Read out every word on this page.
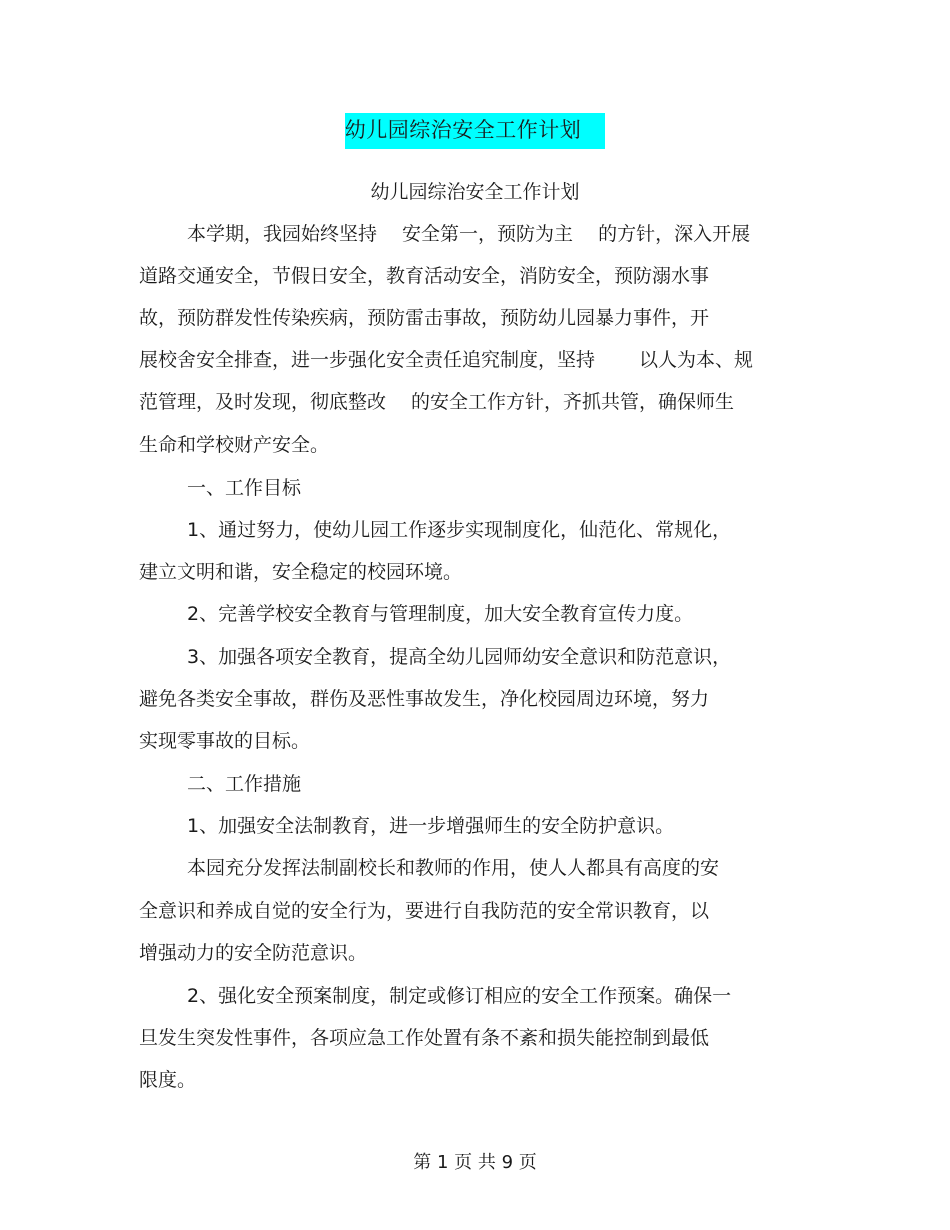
幼儿园综治安全工作计划
幼儿园综治安全工作计划
本学期，我园始终坚持　 安全第一，预防为主　 的方针，深入开展
道路交通安全，节假日安全，教育活动安全，消防安全，预防溺水事
故，预防群发性传染疾病，预防雷击事故，预防幼儿园暴力事件，开
展校舍安全排查，进一步强化安全责任追究制度，坚持　　 以人为本、规
范管理，及时发现，彻底整改　 的安全工作方针，齐抓共管，确保师生
生命和学校财产安全。
一、工作目标
1、通过努力，使幼儿园工作逐步实现制度化，仙范化、常规化，
建立文明和谐，安全稳定的校园环境。
2、完善学校安全教育与管理制度，加大安全教育宣传力度。
3、加强各项安全教育，提高全幼儿园师幼安全意识和防范意识，
避免各类安全事故，群伤及恶性事故发生，净化校园周边环境，努力
实现零事故的目标。
二、工作措施
1、加强安全法制教育，进一步增强师生的安全防护意识。
本园充分发挥法制副校长和教师的作用，使人人都具有高度的安
全意识和养成自觉的安全行为，要进行自我防范的安全常识教育，以
增强动力的安全防范意识。
2、强化安全预案制度，制定或修订相应的安全工作预案。确保一
旦发生突发性事件，各项应急工作处置有条不紊和损失能控制到最低
限度。
第 1 页 共 9 页
